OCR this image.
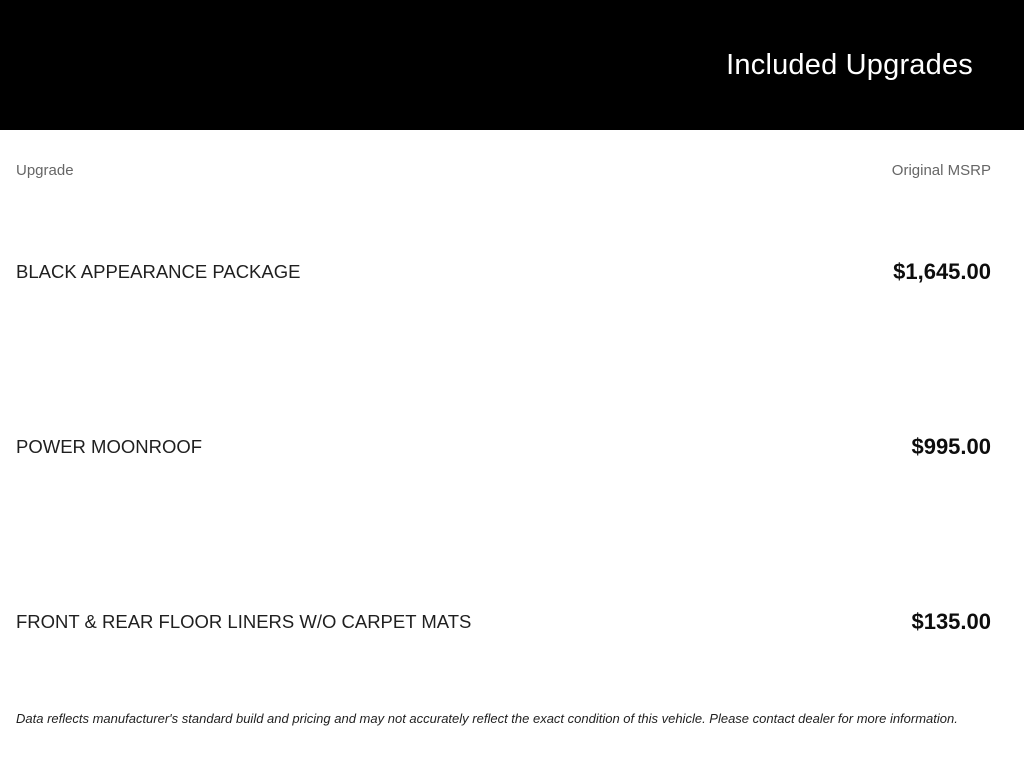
Included Upgrades
Upgrade	Original MSRP
BLACK APPEARANCE PACKAGE	$1,645.00
POWER MOONROOF	$995.00
FRONT & REAR FLOOR LINERS W/O CARPET MATS	$135.00

Data reflects manufacturer's standard build and pricing and may not accurately reflect the exact condition of this vehicle. Please contact dealer for more information.
